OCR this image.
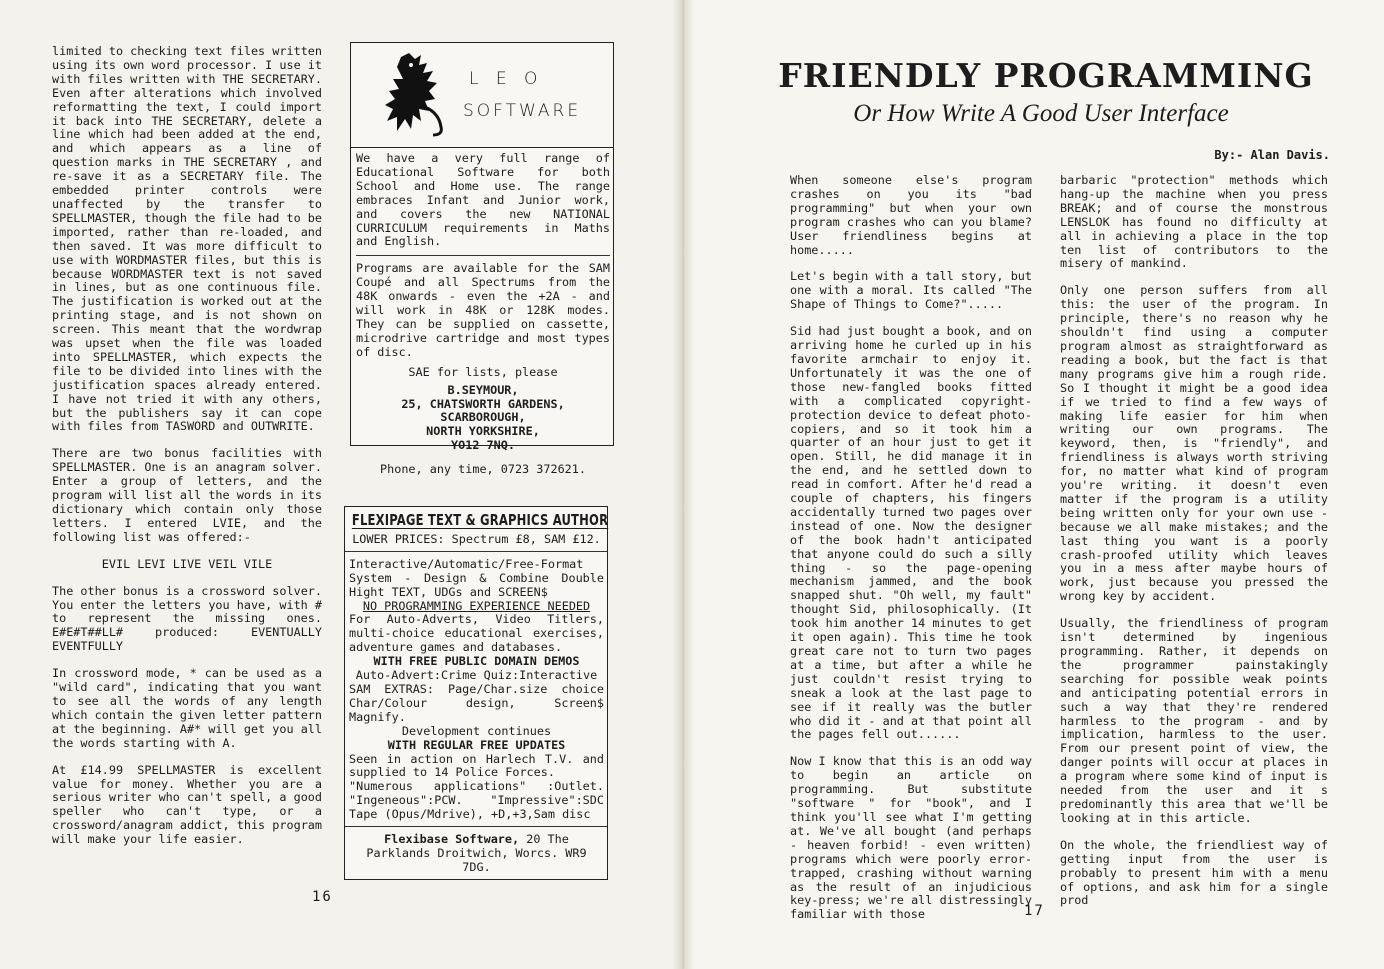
limited to checking text files written using its own word processor. I use it with files written with THE SECRETARY. Even after alterations which involved reformatting the text, I could import it back into THE SECRETARY, delete a line which had been added at the end, and which appears as a line of question marks in THE SECRETARY , and re-save it as a SECRETARY file. The embedded printer controls were unaffected by the transfer to SPELLMASTER, though the file had to be imported, rather than re-loaded, and then saved. It was more difficult to use with WORDMASTER files, but this is because WORDMASTER text is not saved in lines, but as one continuous file. The justification is worked out at the printing stage, and is not shown on screen. This meant that the wordwrap was upset when the file was loaded into SPELLMASTER, which expects the file to be divided into lines with the justification spaces already entered. I have not tried it with any others, but the publishers say it can cope with files from TASWORD and OUTWRITE.

There are two bonus facilities with SPELLMASTER. One is an anagram solver. Enter a group of letters, and the program will list all the words in its dictionary which contain only those letters. I entered LVIE, and the following list was offered:-

EVIL LEVI LIVE VEIL VILE

The other bonus is a crossword solver. You enter the letters you have, with # to represent the missing ones. E#E#T##LL# produced: EVENTUALLY EVENTFULLY

In crossword mode, * can be used as a "wild card", indicating that you want to see all the words of any length which contain the given letter pattern at the beginning. A#* will get you all the words starting with A.

At £14.99 SPELLMASTER is excellent value for money. Whether you are a serious writer who can't spell, a good speller who can't type, or a crossword/anagram addict, this program will make your life easier.

L E O
SOFTWARE

We have a very full range of Educational Software for both School and Home use. The range embraces Infant and Junior work, and covers the new NATIONAL CURRICULUM requirements in Maths and English.

Programs are available for the SAM Coupé and all Spectrums from the 48K onwards - even the +2A - and will work in 48K or 128K modes. They can be supplied on cassette, microdrive cartridge and most types of disc.

SAE for lists, please

B.SEYMOUR,
25, CHATSWORTH GARDENS,
SCARBOROUGH,
NORTH YORKSHIRE,
YO12 7NQ.
Phone, any time, 0723 372621.
FLEXIPAGE TEXT & GRAPHICS AUTHOR
LOWER PRICES: Spectrum £8, SAM £12.

Interactive/Automatic/Free-Format System - Design & Combine Double Hight TEXT, UDGs and SCREEN$

NO PROGRAMMING EXPERIENCE NEEDED

For Auto-Adverts, Video Titlers, multi-choice educational exercises, adventure games and databases.

WITH FREE PUBLIC DOMAIN DEMOS
Auto-Advert:Crime Quiz:Interactive

SAM EXTRAS: Page/Char.size choice Char/Colour design, Screen$ Magnify.

Development continues
WITH REGULAR FREE UPDATES

Seen in action on Harlech T.V. and supplied to 14 Police Forces.

"Numerous applications" :Outlet. "Ingeneous":PCW. "Impressive":SDC Tape (Opus/Mdrive), +D,+3,Sam disc

Flexibase Software, 20 The Parklands Droitwich, Worcs. WR9 7DG.
16
FRIENDLY PROGRAMMING
Or How Write A Good User Interface
By:- Alan Davis.

When someone else's program crashes on you its "bad programming" but when your own program crashes who can you blame? User friendliness begins at home.....

Let's begin with a tall story, but one with a moral. Its called "The Shape of Things to Come?".....

Sid had just bought a book, and on arriving home he curled up in his favorite armchair to enjoy it. Unfortunately it was the one of those new-fangled books fitted with a complicated copyright-protection device to defeat photo-copiers, and so it took him a quarter of an hour just to get it open. Still, he did manage it in the end, and he settled down to read in comfort. After he'd read a couple of chapters, his fingers accidentally turned two pages over instead of one. Now the designer of the book hadn't anticipated that anyone could do such a silly thing - so the page-opening mechanism jammed, and the book snapped shut. "Oh well, my fault" thought Sid, philosophically. (It took him another 14 minutes to get it open again). This time he took great care not to turn two pages at a time, but after a while he just couldn't resist trying to sneak a look at the last page to see if it really was the butler who did it - and at that point all the pages fell out......

Now I know that this is an odd way to begin an article on programming. But substitute "software " for "book", and I think you'll see what I'm getting at. We've all bought (and perhaps - heaven forbid! - even written) programs which were poorly error-trapped, crashing without warning as the result of an injudicious key-press; we're all distressingly familiar with those

barbaric "protection" methods which hang-up the machine when you press BREAK; and of course the monstrous LENSLOK has found no difficulty at all in achieving a place in the top ten list of contributors to the misery of mankind.

Only one person suffers from all this: the user of the program. In principle, there's no reason why he shouldn't find using a computer program almost as straightforward as reading a book, but the fact is that many programs give him a rough ride. So I thought it might be a good idea if we tried to find a few ways of making life easier for him when writing our own programs. The keyword, then, is "friendly", and friendliness is always worth striving for, no matter what kind of program you're writing. it doesn't even matter if the program is a utility being written only for your own use - because we all make mistakes; and the last thing you want is a poorly crash-proofed utility which leaves you in a mess after maybe hours of work, just because you pressed the wrong key by accident.

Usually, the friendliness of program isn't determined by ingenious programming. Rather, it depends on the programmer painstakingly searching for possible weak points and anticipating potential errors in such a way that they're rendered harmless to the program - and by implication, harmless to the user. From our present point of view, the danger points will occur at places in a program where some kind of input is needed from the user and it s predominantly this area that we'll be looking at in this article.

On the whole, the friendliest way of getting input from the user is probably to present him with a menu of options, and ask him for a single prod

17
